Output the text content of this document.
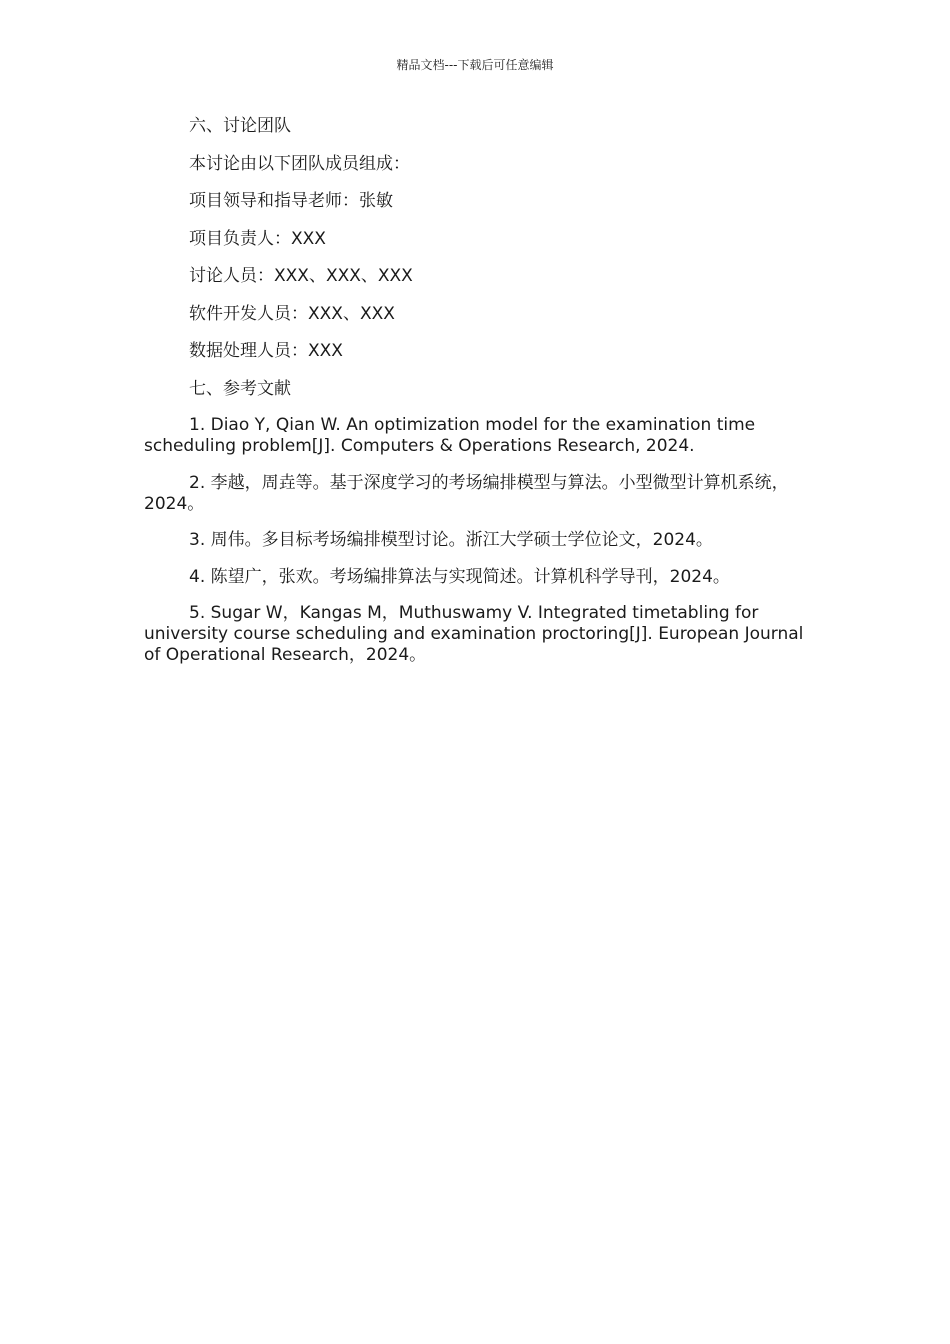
精品文档---下载后可任意编辑
六、讨论团队
本讨论由以下团队成员组成：
项目领导和指导老师：张敏
项目负责人：XXX
讨论人员：XXX、XXX、XXX
软件开发人员：XXX、XXX
数据处理人员：XXX
七、参考文献
1. Diao Y, Qian W. An optimization model for the examination time scheduling problem[J]. Computers & Operations Research, 2024.
2. 李越，周垚等。基于深度学习的考场编排模型与算法。小型微型计算机系统，2024。
3. 周伟。多目标考场编排模型讨论。浙江大学硕士学位论文，2024。
4. 陈望广，张欢。考场编排算法与实现简述。计算机科学导刊，2024。
5. Sugar W，Kangas M，Muthuswamy V. Integrated timetabling for university course scheduling and examination proctoring[J]. European Journal of Operational Research，2024。
